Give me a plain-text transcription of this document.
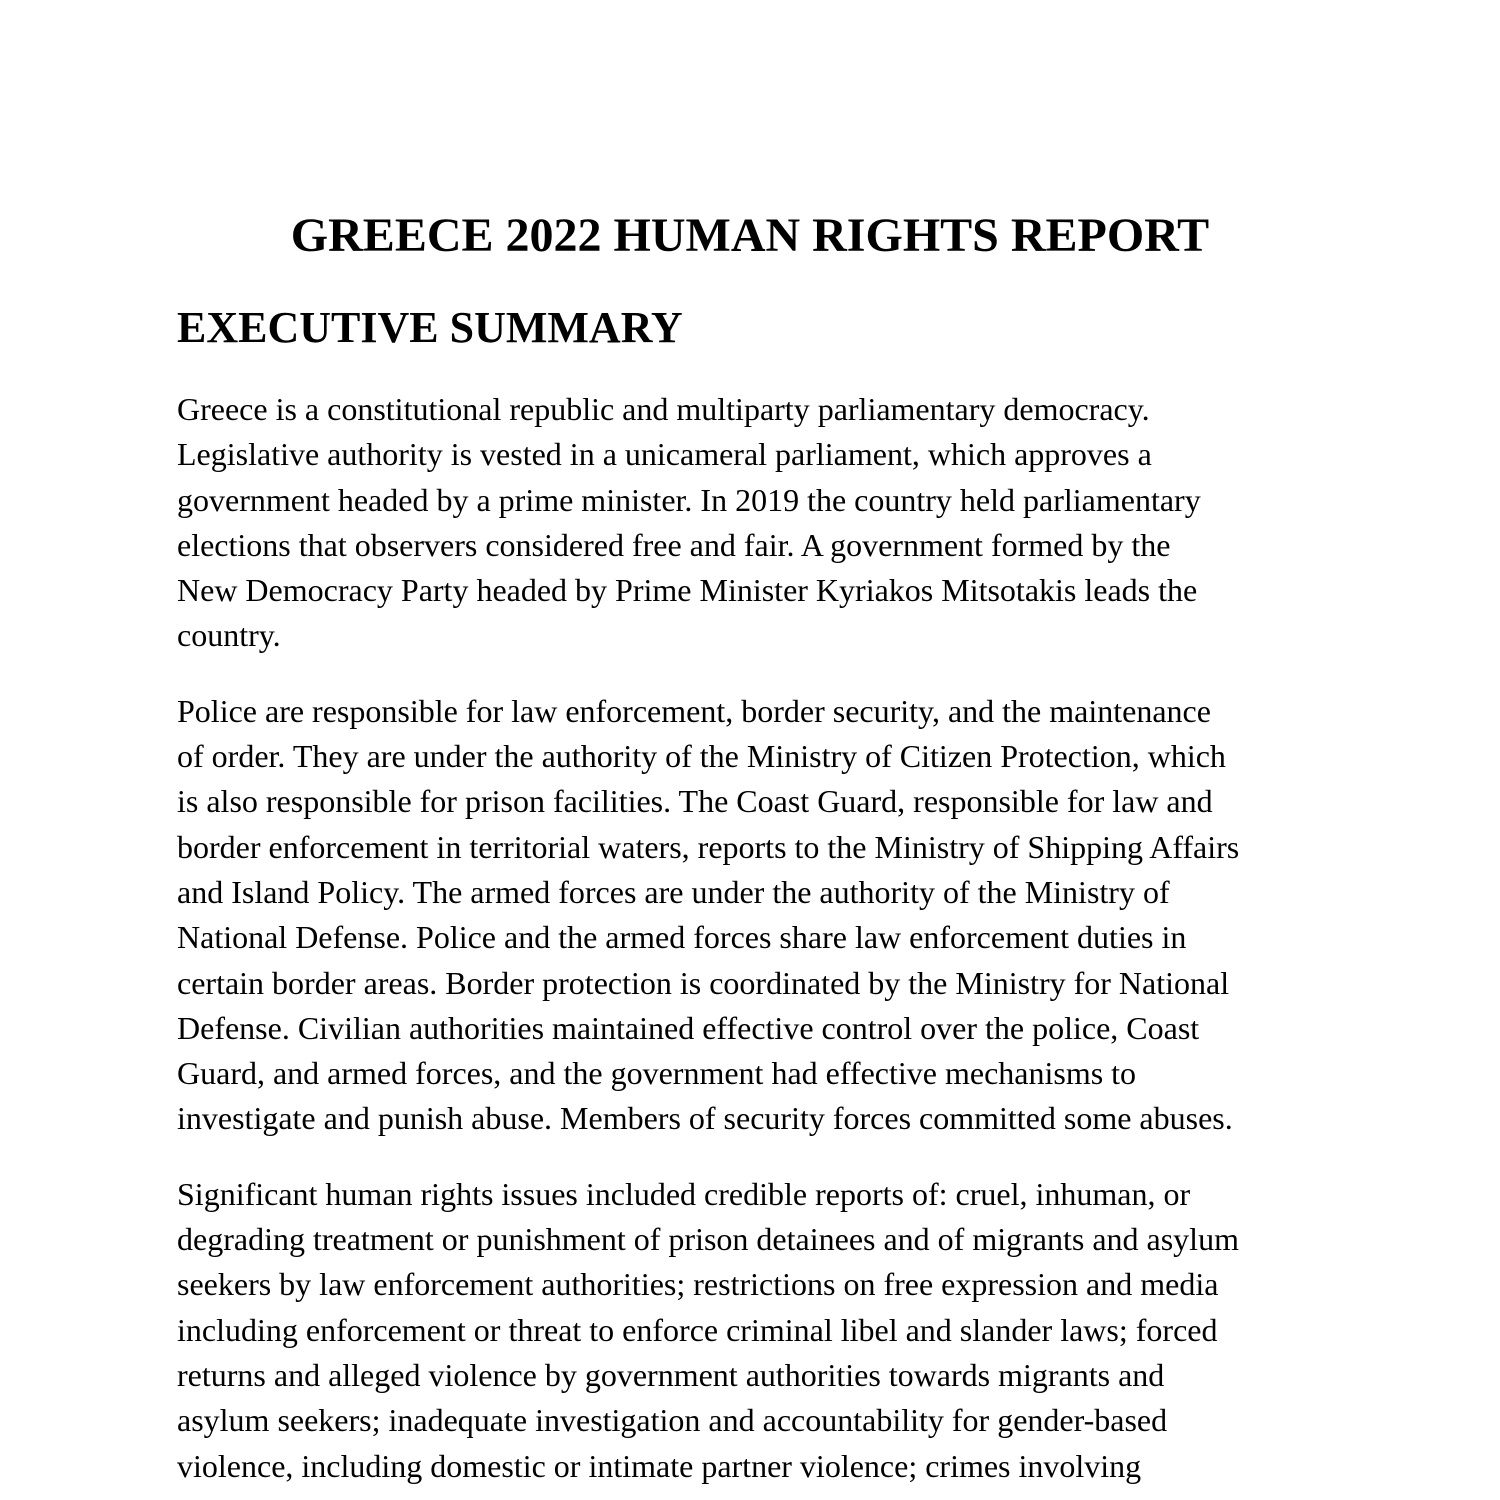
GREECE 2022 HUMAN RIGHTS REPORT
EXECUTIVE SUMMARY

Greece is a constitutional republic and multiparty parliamentary democracy.
Legislative authority is vested in a unicameral parliament, which approves a
government headed by a prime minister. In 2019 the country held parliamentary
elections that observers considered free and fair. A government formed by the
New Democracy Party headed by Prime Minister Kyriakos Mitsotakis leads the
country.

Police are responsible for law enforcement, border security, and the maintenance
of order. They are under the authority of the Ministry of Citizen Protection, which
is also responsible for prison facilities. The Coast Guard, responsible for law and
border enforcement in territorial waters, reports to the Ministry of Shipping Affairs
and Island Policy. The armed forces are under the authority of the Ministry of
National Defense. Police and the armed forces share law enforcement duties in
certain border areas. Border protection is coordinated by the Ministry for National
Defense. Civilian authorities maintained effective control over the police, Coast
Guard, and armed forces, and the government had effective mechanisms to
investigate and punish abuse. Members of security forces committed some abuses.

Significant human rights issues included credible reports of: cruel, inhuman, or
degrading treatment or punishment of prison detainees and of migrants and asylum
seekers by law enforcement authorities; restrictions on free expression and media
including enforcement or threat to enforce criminal libel and slander laws; forced
returns and alleged violence by government authorities towards migrants and
asylum seekers; inadequate investigation and accountability for gender-based
violence, including domestic or intimate partner violence; crimes involving
